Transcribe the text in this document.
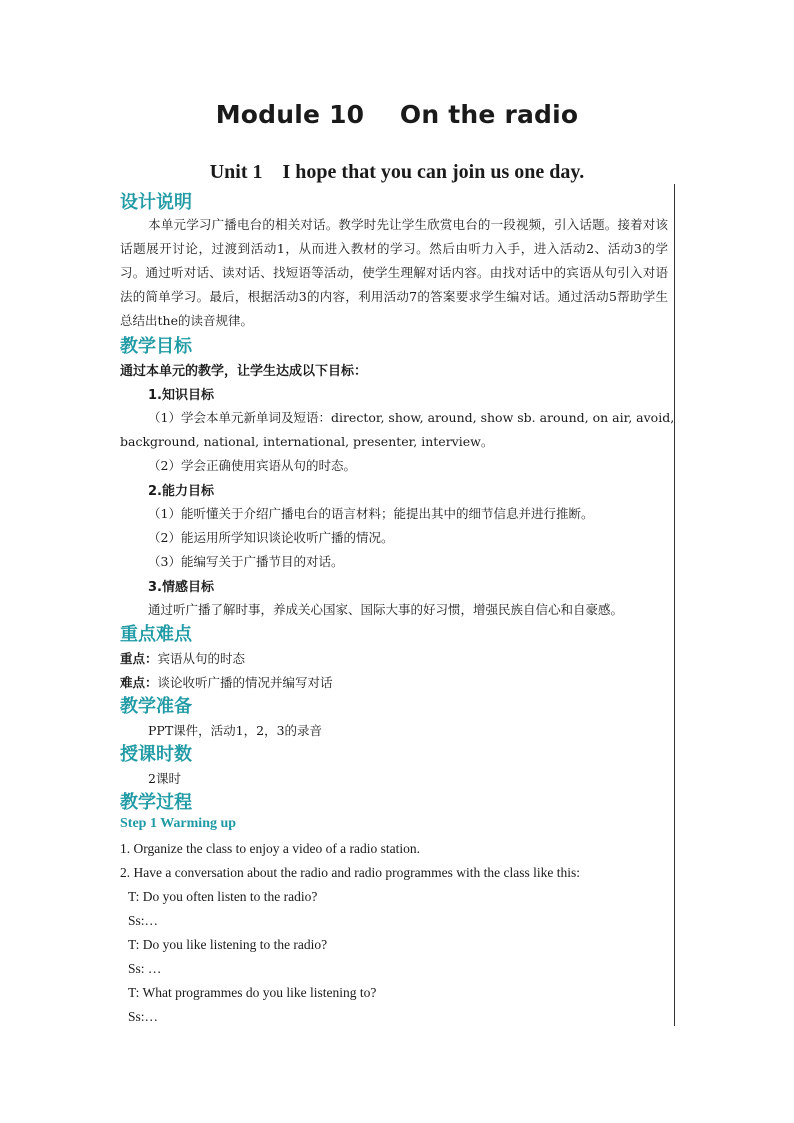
Module 10    On the radio
Unit 1    I hope that you can join us one day.
设计说明
本单元学习广播电台的相关对话。教学时先让学生欣赏电台的一段视频，引入话题。接着对该话题展开讨论，过渡到活动1，从而进入教材的学习。然后由听力入手，进入活动2、活动3的学习。通过听对话、读对话、找短语等活动，使学生理解对话内容。由找对话中的宾语从句引入对语法的简单学习。最后，根据活动3的内容，利用活动7的答案要求学生编对话。通过活动5帮助学生总结出the的读音规律。
教学目标
通过本单元的教学，让学生达成以下目标：
1.知识目标
（1）学会本单元新单词及短语：director, show, around, show sb. around, on air, avoid,
background, national, international, presenter, interview。
（2）学会正确使用宾语从句的时态。
2.能力目标
（1）能听懂关于介绍广播电台的语言材料；能提出其中的细节信息并进行推断。
（2）能运用所学知识谈论收听广播的情况。
（3）能编写关于广播节目的对话。
3.情感目标
通过听广播了解时事，养成关心国家、国际大事的好习惯，增强民族自信心和自豪感。
重点难点
重点：宾语从句的时态
难点：谈论收听广播的情况并编写对话
教学准备
PPT课件，活动1，2，3的录音
授课时数
2课时
教学过程
Step 1 Warming up
1. Organize the class to enjoy a video of a radio station.
2. Have a conversation about the radio and radio programmes with the class like this:
T: Do you often listen to the radio?
Ss:…
T: Do you like listening to the radio?
Ss: …
T: What programmes do you like listening to?
Ss:…
